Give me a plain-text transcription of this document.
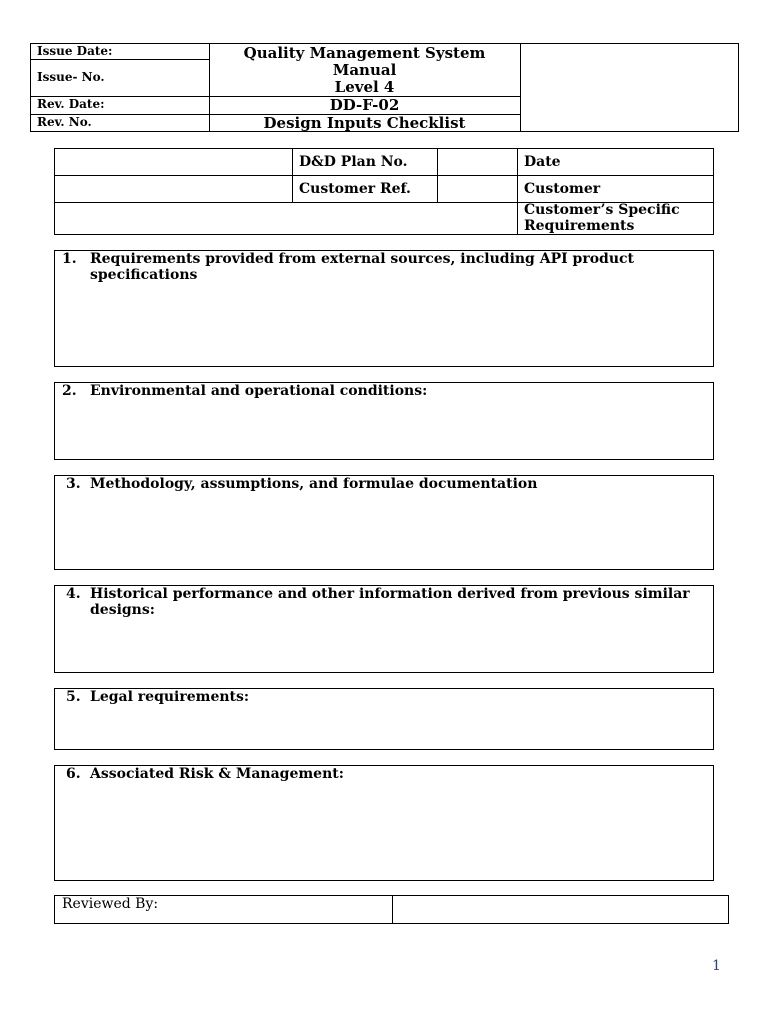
Issue Date:
Issue- No.
Rev. Date:
Rev. No.
Quality Management System
Manual
Level 4
DD-F-02
Design Inputs Checklist
D&D Plan No.	Date
Customer Ref.	Customer
Customer’s Specific
Requirements
1. Requirements provided from external sources, including API product
specifications
2. Environmental and operational conditions:
3. Methodology, assumptions, and formulae documentation
4. Historical performance and other information derived from previous similar
designs:
5. Legal requirements:
6. Associated Risk & Management:
Reviewed By:
1
